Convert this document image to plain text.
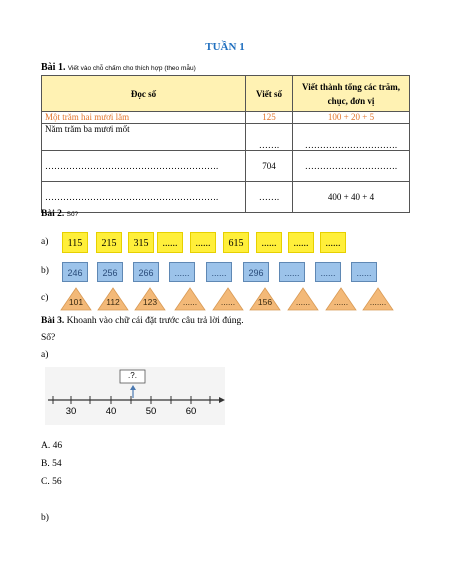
TUẦN 1
Bài 1. Viết vào chỗ chấm cho thích hợp (theo mẫu)
Đọc số	Viết số	Viết thành tổng các trăm,
chục, đơn vị

Một trăm hai mươi lăm	125	100 + 20 + 5
Năm trăm ba mươi mốt	…….	………………………….
………………………………………………….	704	………………………….
………………………………………………….	…….	400 + 40 + 4
Bài 2. Số?
a)	115	215	315	......	......	615	......	......	......
b)	246	256	266	......	......	296	......	......	......
c)	101	112	123	......	......	156	......	......	.......
Bài 3. Khoanh vào chữ cái đặt trước câu trả lời đúng.
Số?
a)
.?.
30	40	50	60
A. 46
B. 54
C. 56
b)
